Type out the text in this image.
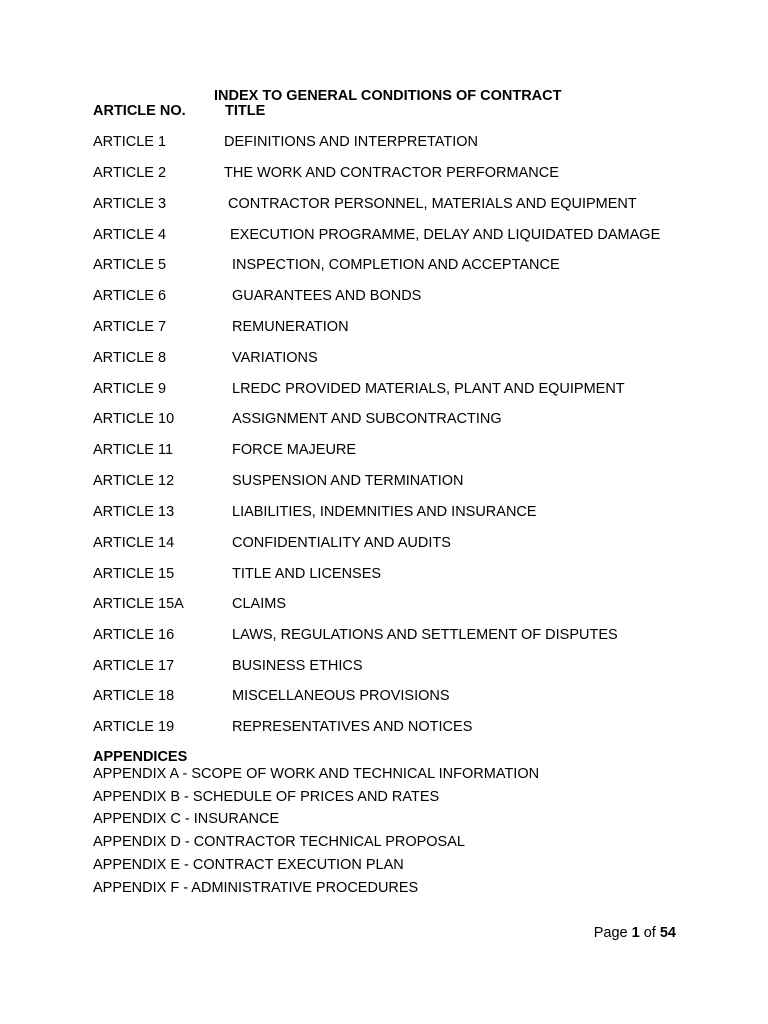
INDEX TO GENERAL CONDITIONS OF CONTRACT
ARTICLE NO.	TITLE
ARTICLE 1	DEFINITIONS AND INTERPRETATION
ARTICLE 2	THE WORK AND CONTRACTOR PERFORMANCE
ARTICLE 3	CONTRACTOR PERSONNEL, MATERIALS AND EQUIPMENT
ARTICLE 4	EXECUTION PROGRAMME, DELAY AND LIQUIDATED DAMAGE
ARTICLE 5	INSPECTION, COMPLETION AND ACCEPTANCE
ARTICLE 6	GUARANTEES AND BONDS
ARTICLE 7	REMUNERATION
ARTICLE 8	VARIATIONS
ARTICLE 9	LREDC PROVIDED MATERIALS, PLANT AND EQUIPMENT
ARTICLE 10	ASSIGNMENT AND SUBCONTRACTING
ARTICLE 11	FORCE MAJEURE
ARTICLE 12	SUSPENSION AND TERMINATION
ARTICLE 13	LIABILITIES, INDEMNITIES AND INSURANCE
ARTICLE 14	CONFIDENTIALITY AND AUDITS
ARTICLE 15	TITLE AND LICENSES
ARTICLE 15A	CLAIMS
ARTICLE 16	LAWS, REGULATIONS AND SETTLEMENT OF DISPUTES
ARTICLE 17	BUSINESS ETHICS
ARTICLE 18	MISCELLANEOUS PROVISIONS
ARTICLE 19	REPRESENTATIVES AND NOTICES
APPENDICES
APPENDIX A - SCOPE OF WORK AND TECHNICAL INFORMATION
APPENDIX B - SCHEDULE OF PRICES AND RATES
APPENDIX C - INSURANCE
APPENDIX D - CONTRACTOR TECHNICAL PROPOSAL
APPENDIX E - CONTRACT EXECUTION PLAN
APPENDIX F - ADMINISTRATIVE PROCEDURES
Page 1 of 54
